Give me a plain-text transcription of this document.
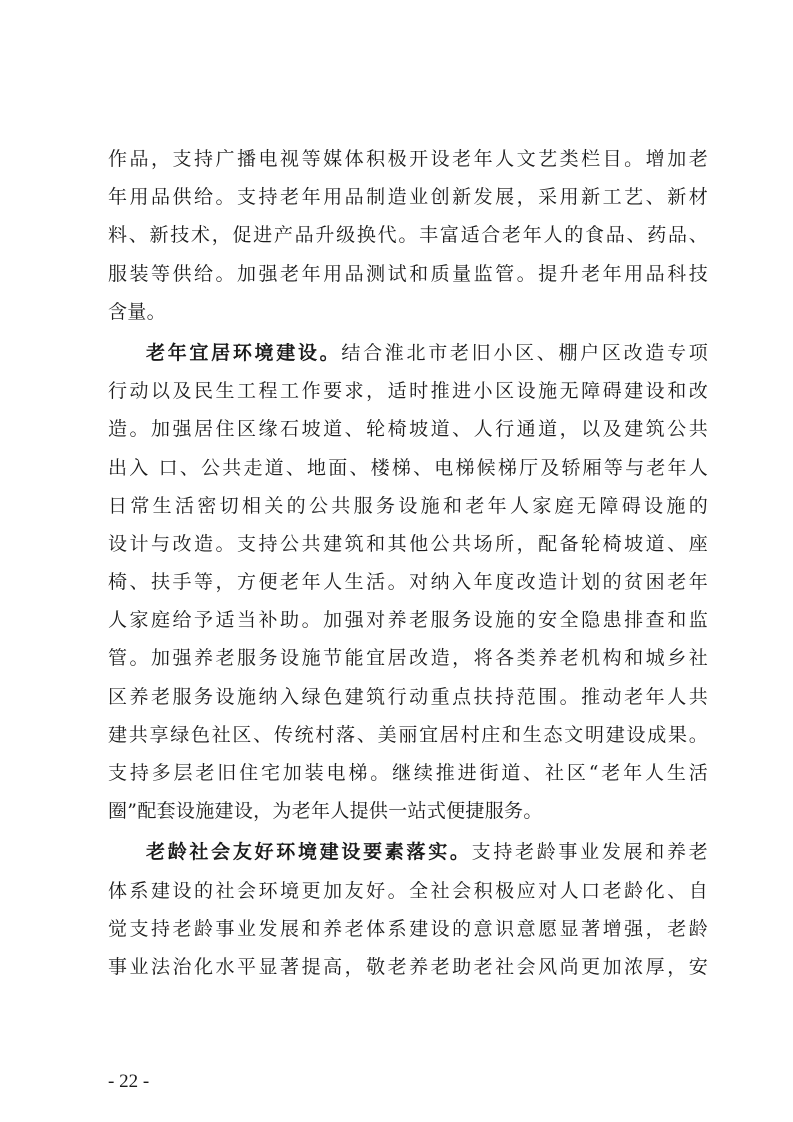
作品，支持广播电视等媒体积极开设老年人文艺类栏目。增加老
年用品供给。支持老年用品制造业创新发展，采用新工艺、新材
料、新技术，促进产品升级换代。丰富适合老年人的食品、药品、
服装等供给。加强老年用品测试和质量监管。提升老年用品科技
含量。
老年宜居环境建设。结合淮北市老旧小区、棚户区改造专项
行动以及民生工程工作要求，适时推进小区设施无障碍建设和改
造。加强居住区缘石坡道、轮椅坡道、人行通道，以及建筑公共
出入 口、公共走道、地面、楼梯、电梯候梯厅及轿厢等与老年人
日常生活密切相关的公共服务设施和老年人家庭无障碍设施的
设计与改造。支持公共建筑和其他公共场所，配备轮椅坡道、座
椅、扶手等，方便老年人生活。对纳入年度改造计划的贫困老年
人家庭给予适当补助。加强对养老服务设施的安全隐患排查和监
管。加强养老服务设施节能宜居改造，将各类养老机构和城乡社
区养老服务设施纳入绿色建筑行动重点扶持范围。推动老年人共
建共享绿色社区、传统村落、美丽宜居村庄和生态文明建设成果。
支持多层老旧住宅加装电梯。继续推进街道、社区“老年人生活
圈”配套设施建设，为老年人提供一站式便捷服务。
老龄社会友好环境建设要素落实。支持老龄事业发展和养老
体系建设的社会环境更加友好。全社会积极应对人口老龄化、自
觉支持老龄事业发展和养老体系建设的意识意愿显著增强，老龄
事业法治化水平显著提高，敬老养老助老社会风尚更加浓厚，安
- 22 -
